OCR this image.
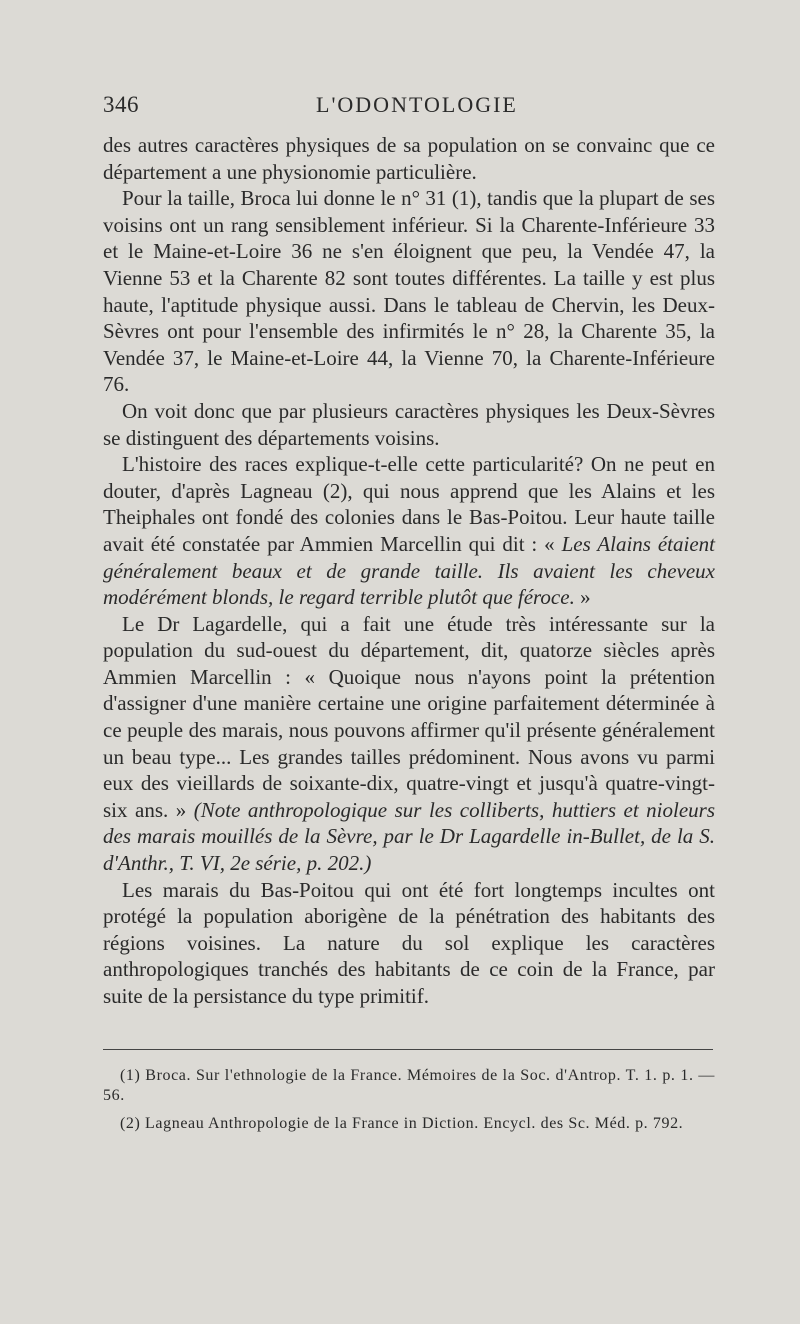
346	L'ODONTOLOGIE

des autres caractères physiques de sa population on se convainc que ce département a une physionomie particulière.

Pour la taille, Broca lui donne le n° 31 (1), tandis que la plupart de ses voisins ont un rang sensiblement inférieur. Si la Charente-Inférieure 33 et le Maine-et-Loire 36 ne s'en éloignent que peu, la Vendée 47, la Vienne 53 et la Charente 82 sont toutes différentes. La taille y est plus haute, l'aptitude physique aussi. Dans le tableau de Chervin, les Deux-Sèvres ont pour l'ensemble des infirmités le n° 28, la Charente 35, la Vendée 37, le Maine-et-Loire 44, la Vienne 70, la Charente-Inférieure 76.

On voit donc que par plusieurs caractères physiques les Deux-Sèvres se distinguent des départements voisins.

L'histoire des races explique-t-elle cette particularité? On ne peut en douter, d'après Lagneau (2), qui nous apprend que les Alains et les Theiphales ont fondé des colonies dans le Bas-Poitou. Leur haute taille avait été constatée par Ammien Marcellin qui dit : « Les Alains étaient généralement beaux et de grande taille. Ils avaient les cheveux modérément blonds, le regard terrible plutôt que féroce. »

Le Dr Lagardelle, qui a fait une étude très intéressante sur la population du sud-ouest du département, dit, quatorze siècles après Ammien Marcellin : « Quoique nous n'ayons point la prétention d'assigner d'une manière certaine une origine parfaitement déterminée à ce peuple des marais, nous pouvons affirmer qu'il présente généralement un beau type... Les grandes tailles prédominent. Nous avons vu parmi eux des vieillards de soixante-dix, quatre-vingt et jusqu'à quatre-vingt-six ans. » (Note anthropologique sur les colliberts, huttiers et nioleurs des marais mouillés de la Sèvre, par le Dr Lagardelle in-Bullet, de la S. d'Anthr., T. VI, 2e série, p. 202.)

Les marais du Bas-Poitou qui ont été fort longtemps incultes ont protégé la population aborigène de la pénétration des habitants des régions voisines. La nature du sol explique les caractères anthropologiques tranchés des habitants de ce coin de la France, par suite de la persistance du type primitif.

(1) Broca. Sur l'ethnologie de la France. Mémoires de la Soc. d'Antrop. T. 1. p. 1. — 56.

(2) Lagneau Anthropologie de la France in Diction. Encycl. des Sc. Méd. p. 792.
